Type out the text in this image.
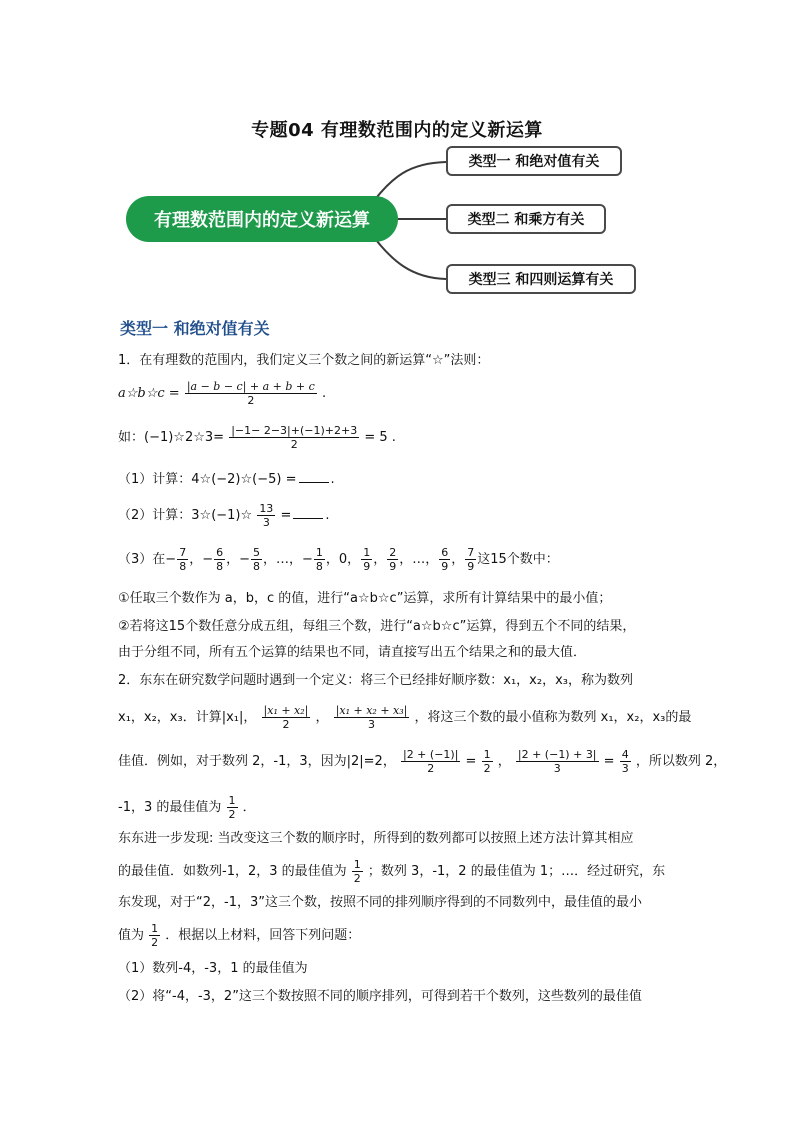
专题04 有理数范围内的定义新运算
有理数范围内的定义新运算
类型一 和绝对值有关
类型二 和乘方有关
类型三 和四则运算有关
类型一 和绝对值有关
1．在有理数的范围内，我们定义三个数之间的新运算“☆”法则：
a☆b☆c = $\frac{|a - b - c| + a + b + c}{2}$ .
如：(−1)☆2☆3= $\frac{|-1- 2-3|+(-1)+2+3}{2} = 5$ .
（1）计算：4☆(−2)☆(−5) =	.
（2）计算：3☆(−1)☆ $\frac{13}{3}$ =	.
（3）在− $\frac{7}{8}$ ，− $\frac{6}{8}$ ，− $\frac{5}{8}$ ，…，− $\frac{1}{8}$ ，0， $\frac{1}{9}$ ， $\frac{2}{9}$ ，…， $\frac{6}{9}$ ， $\frac{7}{9}$ 这15个数中：
①任取三个数作为 a，b，c 的值，进行“a☆b☆c”运算，求所有计算结果中的最小值；
②若将这15个数任意分成五组，每组三个数，进行“a☆b☆c”运算，得到五个不同的结果，
由于分组不同，所有五个运算的结果也不同，请直接写出五个结果之和的最大值．
2．东东在研究数学问题时遇到一个定义：将三个已经排好顺序数：x₁，x₂，x₃，称为数列
x₁，x₂，x₃．计算|x₁|， $\frac{\text{|x₁ + x₂|}}{2}$ ， $\frac{\text{|x₁ + x₂ + x₃|}}{3}$ ，将这三个数的最小值称为数列 x₁，x₂，x₃的最
佳值．例如，对于数列 2，-1，3，因为|2|=2， $\frac{|2 + (-1)|}{2} = \frac{1}{2}$ ， $\frac{|2 + (-1) + 3|}{3} = \frac{4}{3}$ ，所以数列 2，
-1，3 的最佳值为 $\frac{1}{2}$ ．
东东进一步发现: 当改变这三个数的顺序时，所得到的数列都可以按照上述方法计算其相应
的最佳值．如数列-1，2，3 的最佳值为 $\frac{1}{2}$ ；数列 3，-1，2 的最佳值为 1；…．经过研究，东
东发现，对于“2，-1，3”这三个数，按照不同的排列顺序得到的不同数列中，最佳值的最小
值为 $\frac{1}{2}$ ．根据以上材料，回答下列问题：
（1）数列-4，-3，1 的最佳值为
（2）将“-4，-3，2”这三个数按照不同的顺序排列，可得到若干个数列，这些数列的最佳值
